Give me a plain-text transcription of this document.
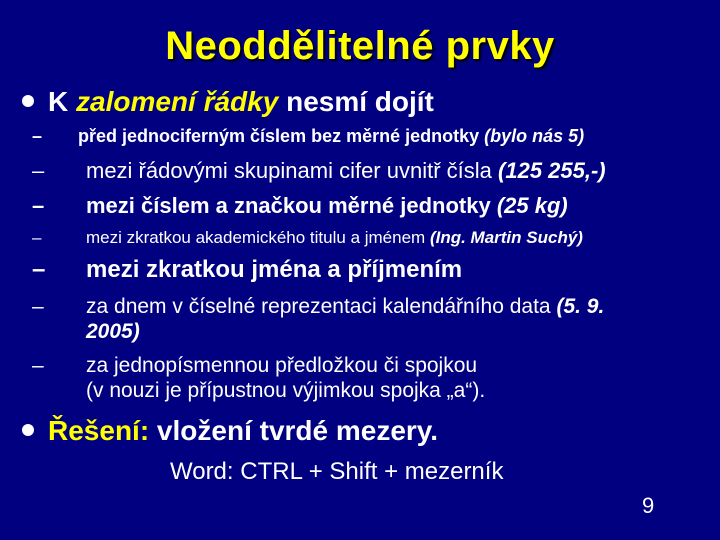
Neoddělitelné prvky
K zalomení řádky nesmí dojít
– před jednociferným číslem bez měrné jednotky (bylo nás 5)
– mezi řádovými skupinami cifer uvnitř čísla (125 255,-)
– mezi číslem a značkou měrné jednotky (25 kg)
–	mezi zkratkou akademického titulu a jménem (Ing. Martin Suchý)
– mezi zkratkou jména a příjmením
– za dnem v číselné reprezentaci kalendářního data (5. 9.
2005)
– za jednopísmennou předložkou či spojkou
(v nouzi je přípustnou výjimkou spojka „a“).
Řešení: vložení tvrdé mezery.
Word: CTRL + Shift + mezerník
9
